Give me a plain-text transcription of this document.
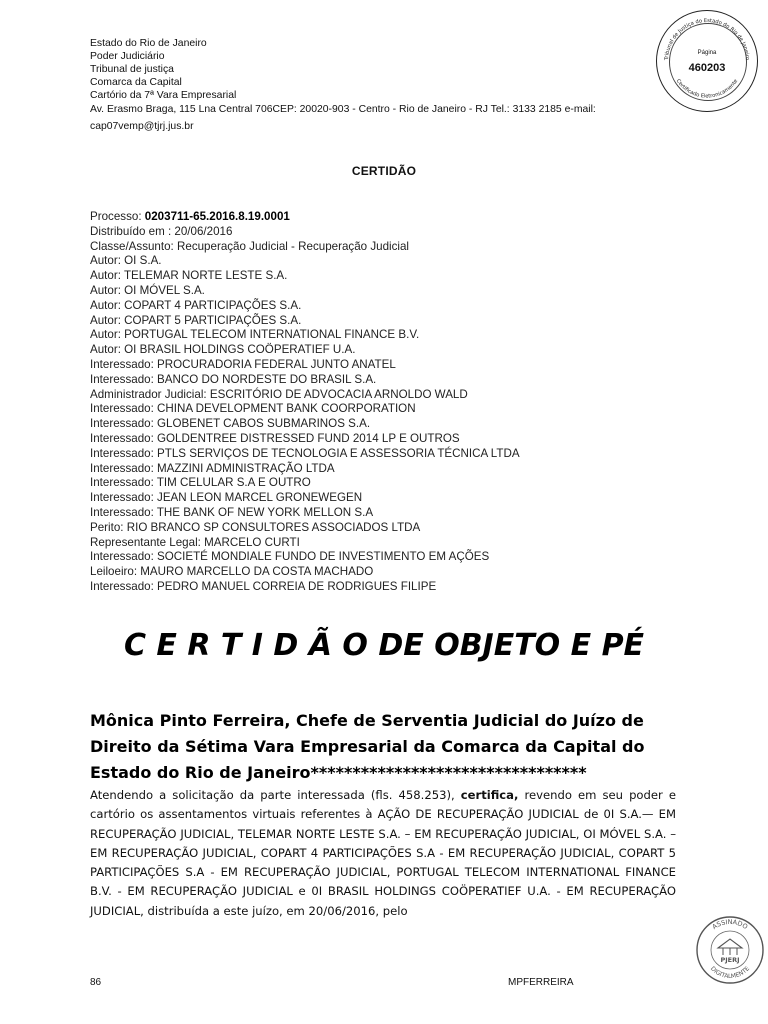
Estado do Rio de Janeiro
Poder Judiciário
Tribunal de justiça
Comarca da Capital
Cartório da 7ª Vara Empresarial
Av. Erasmo Braga, 115 Lna Central 706CEP: 20020-903 - Centro - Rio de Janeiro - RJ Tel.: 3133 2185 e-mail:
cap07vemp@tjrj.jus.br
Tribunal de Justiça do Estado do Rio de Janeiro
Certificado Eletronicamente
Página
460203
CERTIDÃO
Processo: 0203711-65.2016.8.19.0001
Distribuído em : 20/06/2016
Classe/Assunto: Recuperação Judicial - Recuperação Judicial
Autor: OI S.A.
Autor: TELEMAR NORTE LESTE S.A.
Autor: OI MÓVEL S.A.
Autor: COPART 4 PARTICIPAÇÕES S.A.
Autor: COPART 5 PARTICIPAÇÕES S.A.
Autor: PORTUGAL TELECOM INTERNATIONAL FINANCE B.V.
Autor: OI BRASIL HOLDINGS COÖPERATIEF U.A.
Interessado: PROCURADORIA FEDERAL JUNTO ANATEL
Interessado: BANCO DO NORDESTE DO BRASIL S.A.
Administrador Judicial: ESCRITÓRIO DE ADVOCACIA ARNOLDO WALD
Interessado: CHINA DEVELOPMENT BANK COORPORATION
Interessado: GLOBENET CABOS SUBMARINOS S.A.
Interessado: GOLDENTREE DISTRESSED FUND 2014 LP E OUTROS
Interessado: PTLS SERVIÇOS DE TECNOLOGIA E ASSESSORIA TÉCNICA LTDA
Interessado: MAZZINI ADMINISTRAÇÃO LTDA
Interessado: TIM CELULAR S.A E OUTRO
Interessado: JEAN LEON MARCEL GRONEWEGEN
Interessado: THE BANK OF NEW YORK MELLON S.A
Perito: RIO BRANCO SP CONSULTORES ASSOCIADOS LTDA
Representante Legal: MARCELO CURTI
Interessado: SOCIETÉ MONDIALE FUNDO DE INVESTIMENTO EM AÇÕES
Leiloeiro: MAURO MARCELLO DA COSTA MACHADO
Interessado: PEDRO MANUEL CORREIA DE RODRIGUES FILIPE
C E R T I D Ã O DE OBJETO E PÉ
Mônica Pinto Ferreira, Chefe de Serventia Judicial do Juízo de Direito da Sétima Vara Empresarial da Comarca da Capital do Estado do Rio de Janeiro*********************************
Atendendo a solicitação da parte interessada (fls. 458.253), certifica, revendo em seu poder e cartório os assentamentos virtuais referentes à AÇÃO DE RECUPERAÇÃO JUDICIAL de 0I S.A.— EM RECUPERAÇÃO JUDICIAL, TELEMAR NORTE LESTE S.A. – EM RECUPERAÇÃO JUDICIAL, OI MÓVEL S.A. – EM RECUPERAÇÃO JUDICIAL, COPART 4 PARTICIPAÇÕES S.A - EM RECUPERAÇÃO JUDICIAL, COPART 5 PARTICIPAÇÕES S.A - EM RECUPERAÇÃO JUDICIAL, PORTUGAL TELECOM INTERNATIONAL FINANCE B.V. - EM RECUPERAÇÃO JUDICIAL e 0I BRASIL HOLDINGS COÖPERATIEF U.A. - EM RECUPERAÇÃO JUDICIAL, distribuída a este juízo, em 20/06/2016, pelo
86	MPFERREIRA
ASSINADO
DIGITALMENTE
PJERJ
